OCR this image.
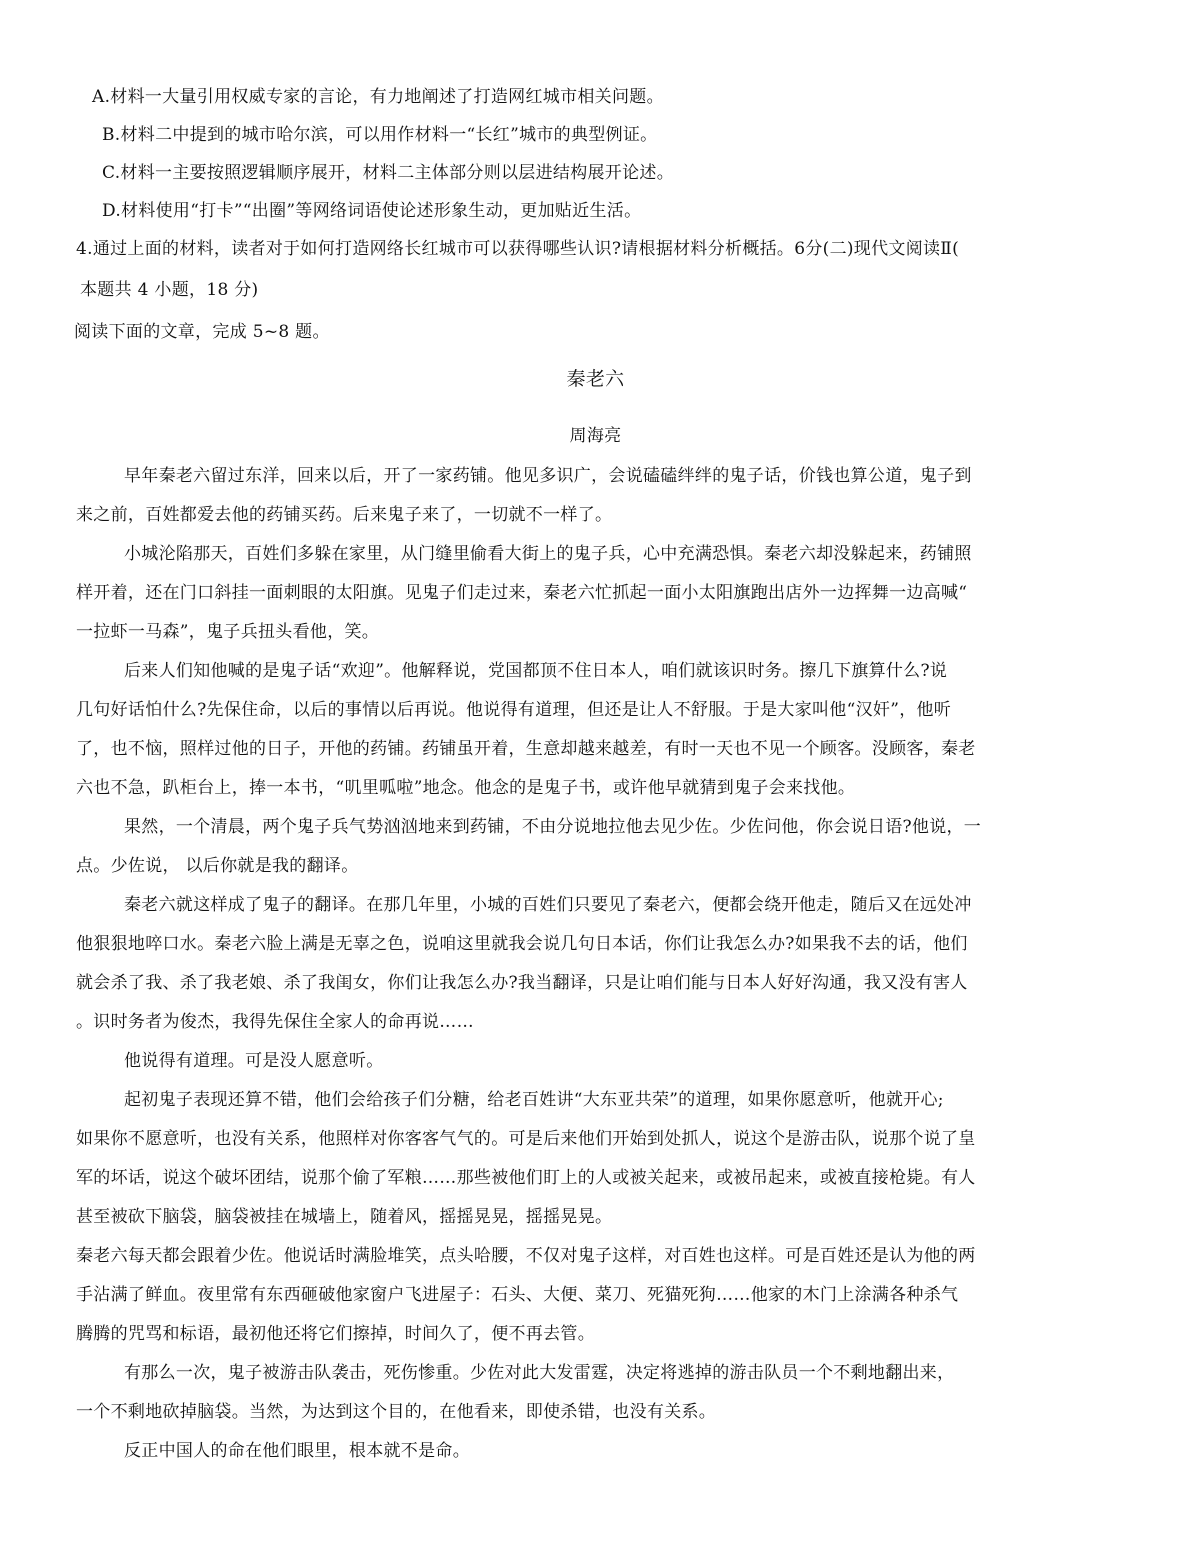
A.材料一大量引用权威专家的言论，有力地阐述了打造网红城市相关问题。
B.材料二中提到的城市哈尔滨，可以用作材料一“长红”城市的典型例证。
C.材料一主要按照逻辑顺序展开，材料二主体部分则以层进结构展开论述。
D.材料使用“打卡”“出圈”等网络词语使论述形象生动，更加贴近生活。
4.通过上面的材料，读者对于如何打造网络长红城市可以获得哪些认识?请根据材料分析概括。6分(二)现代文阅读Ⅱ(
本题共 4 小题，18 分)
阅读下面的文章，完成 5~8 题。
秦老六
周海亮
早年秦老六留过东洋，回来以后，开了一家药铺。他见多识广，会说磕磕绊绊的鬼子话，价钱也算公道，鬼子到
来之前，百姓都爱去他的药铺买药。后来鬼子来了，一切就不一样了。
小城沦陷那天，百姓们多躲在家里，从门缝里偷看大街上的鬼子兵，心中充满恐惧。秦老六却没躲起来，药铺照
样开着，还在门口斜挂一面刺眼的太阳旗。见鬼子们走过来，秦老六忙抓起一面小太阳旗跑出店外一边挥舞一边高喊“
一拉虾一马森”，鬼子兵扭头看他，笑。
后来人们知他喊的是鬼子话“欢迎”。他解释说，党国都顶不住日本人，咱们就该识时务。擦几下旗算什么?说
几句好话怕什么?先保住命，以后的事情以后再说。他说得有道理，但还是让人不舒服。于是大家叫他“汉奸”，他听
了，也不恼，照样过他的日子，开他的药铺。药铺虽开着，生意却越来越差，有时一天也不见一个顾客。没顾客，秦老
六也不急，趴柜台上，捧一本书，“叽里呱啦”地念。他念的是鬼子书，或许他早就猜到鬼子会来找他。
果然，一个清晨，两个鬼子兵气势汹汹地来到药铺，不由分说地拉他去见少佐。少佐问他，你会说日语?他说，一
点。少佐说， 以后你就是我的翻译。
秦老六就这样成了鬼子的翻译。在那几年里，小城的百姓们只要见了秦老六，便都会绕开他走，随后又在远处冲
他狠狠地啐口水。秦老六脸上满是无辜之色，说咱这里就我会说几句日本话，你们让我怎么办?如果我不去的话，他们
就会杀了我、杀了我老娘、杀了我闺女，你们让我怎么办?我当翻译，只是让咱们能与日本人好好沟通，我又没有害人
。识时务者为俊杰，我得先保住全家人的命再说……
他说得有道理。可是没人愿意听。
起初鬼子表现还算不错，他们会给孩子们分糖，给老百姓讲“大东亚共荣”的道理，如果你愿意听，他就开心;
如果你不愿意听，也没有关系，他照样对你客客气气的。可是后来他们开始到处抓人，说这个是游击队，说那个说了皇
军的坏话，说这个破坏团结，说那个偷了军粮……那些被他们盯上的人或被关起来，或被吊起来，或被直接枪毙。有人
甚至被砍下脑袋，脑袋被挂在城墙上，随着风，摇摇晃晃，摇摇晃晃。
秦老六每天都会跟着少佐。他说话时满脸堆笑，点头哈腰，不仅对鬼子这样，对百姓也这样。可是百姓还是认为他的两
手沾满了鲜血。夜里常有东西砸破他家窗户飞进屋子：石头、大便、菜刀、死猫死狗……他家的木门上涂满各种杀气
腾腾的咒骂和标语，最初他还将它们擦掉，时间久了，便不再去管。
有那么一次，鬼子被游击队袭击，死伤惨重。少佐对此大发雷霆，决定将逃掉的游击队员一个不剩地翻出来，
一个不剩地砍掉脑袋。当然，为达到这个目的，在他看来，即使杀错，也没有关系。
反正中国人的命在他们眼里，根本就不是命。
